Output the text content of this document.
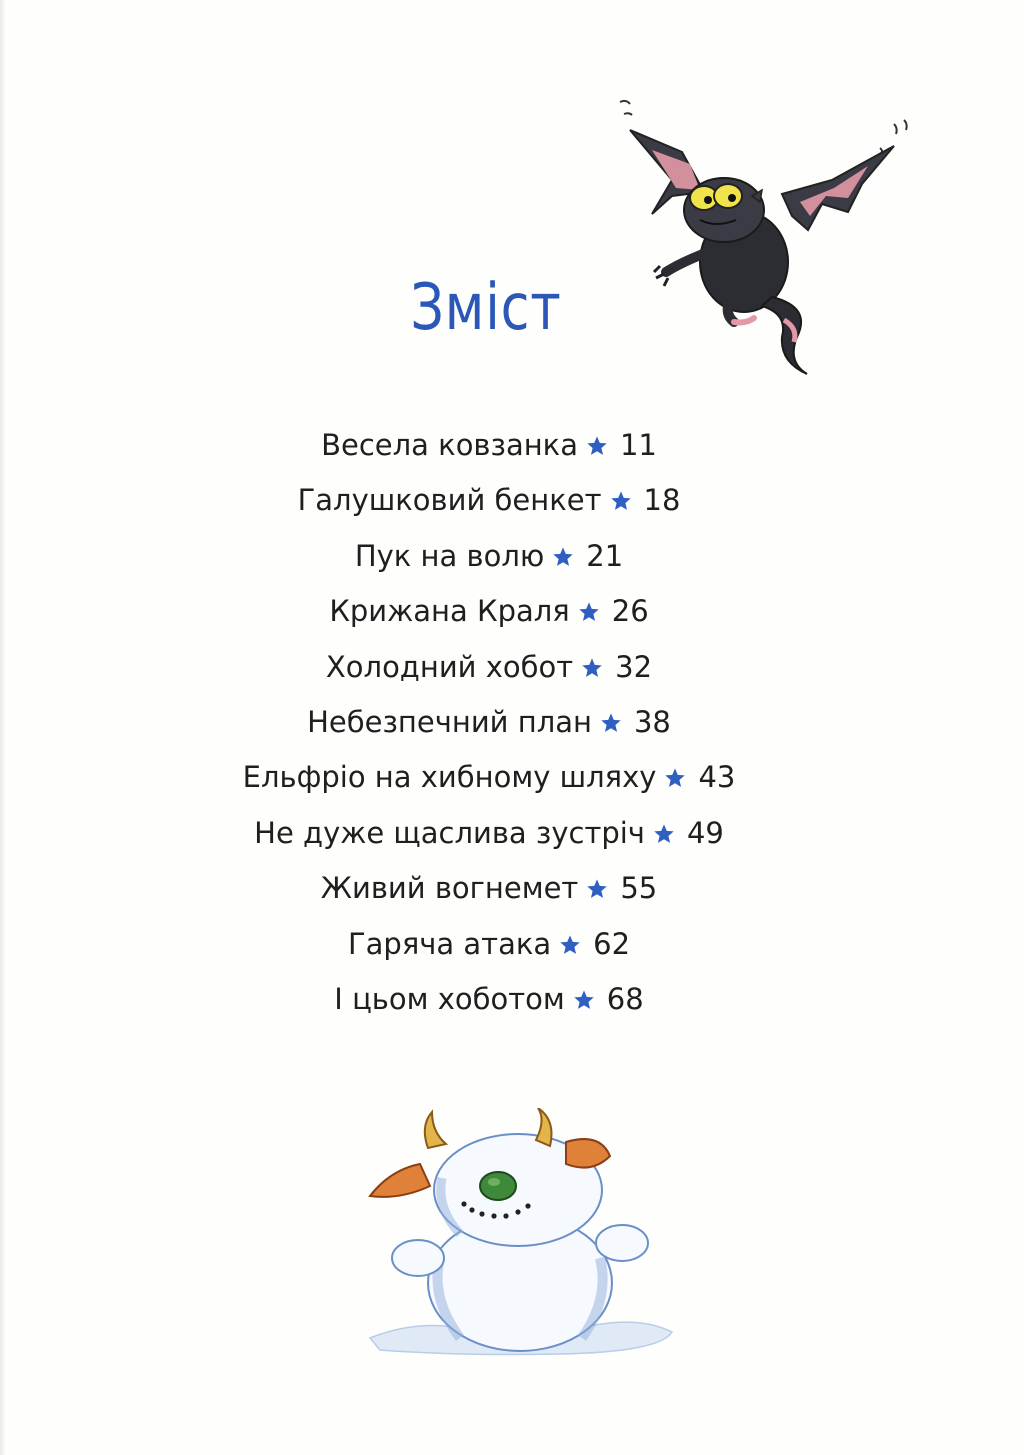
Зміст
Весела ковзанка 11
Галушковий бенкет 18
Пук на волю 21
Крижана Краля 26
Холодний хобот 32
Небезпечний план 38
Ельфріо на хибному шляху 43
Не дуже щаслива зустріч 49
Живий вогнемет 55
Гаряча атака 62
І цьом хоботом 68
